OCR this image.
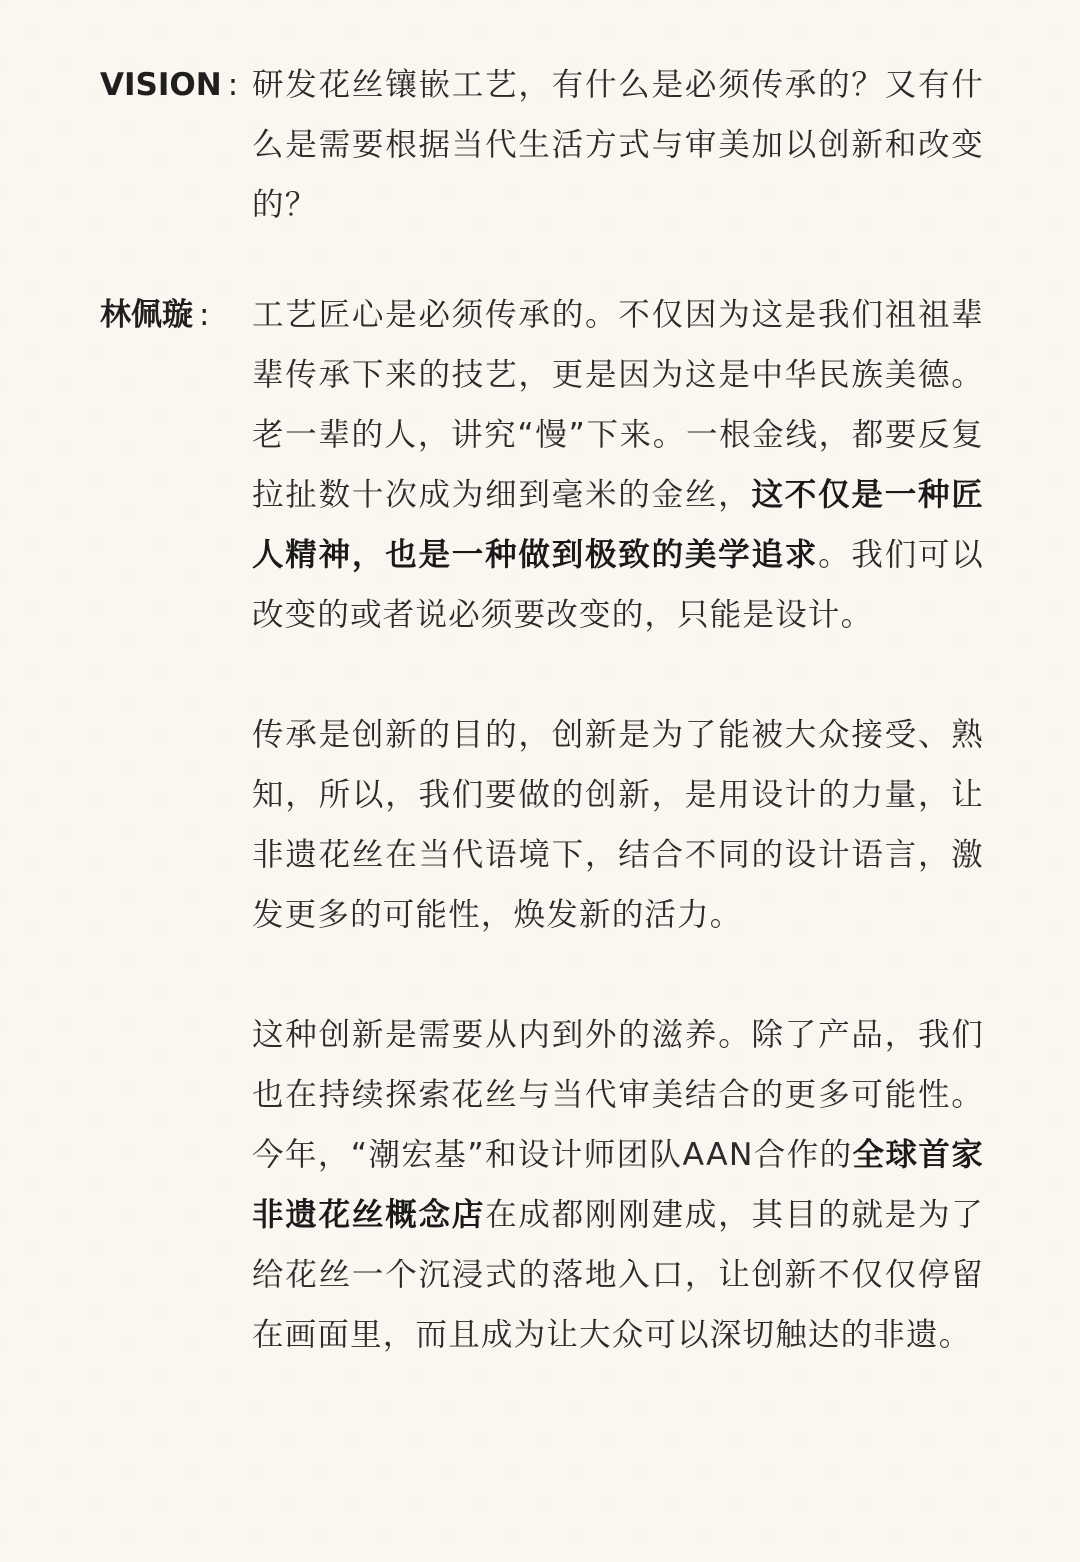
VISION : 研发花丝镶嵌工艺，有什么是必须传承的？又有什么是需要根据当代生活方式与审美加以创新和改变的？

林佩璇 :	工艺匠心是必须传承的。不仅因为这是我们祖祖辈辈传承下来的技艺，更是因为这是中华民族美德。老一辈的人，讲究“慢”下来。一根金线，都要反复拉扯数十次成为细到毫米的金丝，这不仅是一种匠人精神，也是一种做到极致的美学追求。我们可以改变的或者说必须要改变的，只能是设计。

传承是创新的目的，创新是为了能被大众接受、熟知，所以，我们要做的创新，是用设计的力量，让非遗花丝在当代语境下，结合不同的设计语言，激发更多的可能性，焕发新的活力。

这种创新是需要从内到外的滋养。除了产品，我们也在持续探索花丝与当代审美结合的更多可能性。今年，“潮宏基”和设计师团队AAN合作的全球首家非遗花丝概念店在成都刚刚建成，其目的就是为了给花丝一个沉浸式的落地入口，让创新不仅仅停留在画面里，而且成为让大众可以深切触达的非遗。
